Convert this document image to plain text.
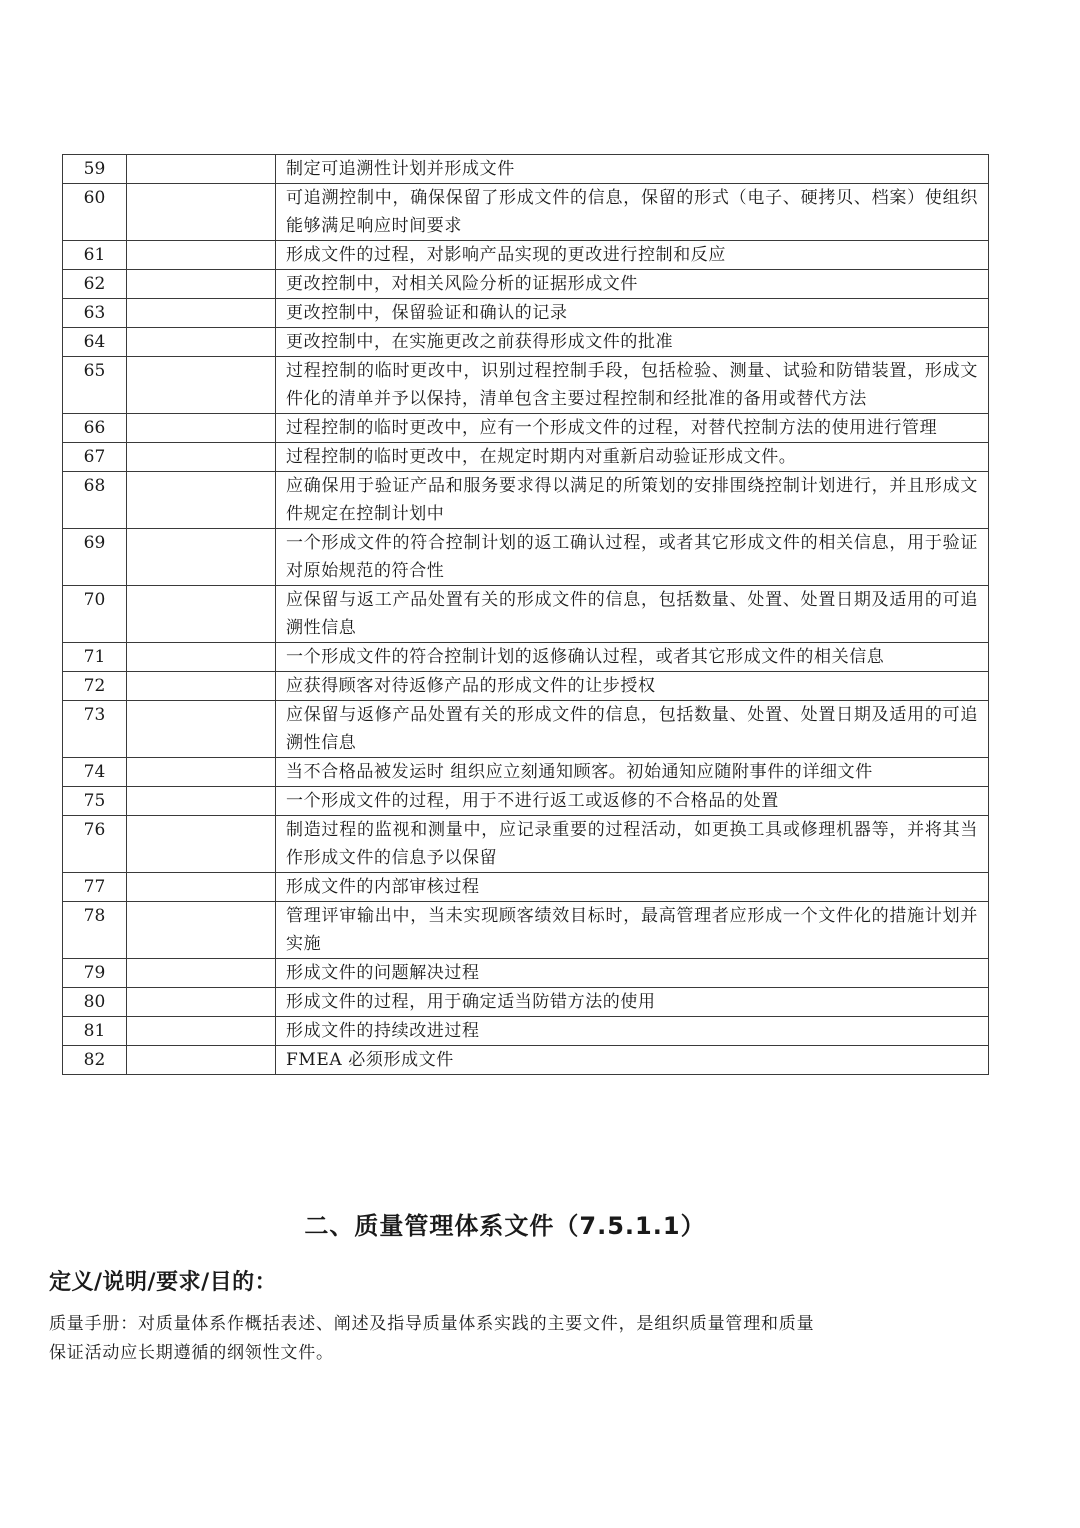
59		制定可追溯性计划并形成文件
60		可追溯控制中，确保保留了形成文件的信息，保留的形式（电子、硬拷贝、档案）使组织能够满足响应时间要求
61		形成文件的过程，对影响产品实现的更改进行控制和反应
62		更改控制中，对相关风险分析的证据形成文件
63		更改控制中，保留验证和确认的记录
64		更改控制中，在实施更改之前获得形成文件的批准
65		过程控制的临时更改中，识别过程控制手段，包括检验、测量、试验和防错装置，形成文件化的清单并予以保持，清单包含主要过程控制和经批准的备用或替代方法
66		过程控制的临时更改中，应有一个形成文件的过程，对替代控制方法的使用进行管理
67		过程控制的临时更改中，在规定时期内对重新启动验证形成文件。
68		应确保用于验证产品和服务要求得以满足的所策划的安排围绕控制计划进行，并且形成文件规定在控制计划中
69		一个形成文件的符合控制计划的返工确认过程，或者其它形成文件的相关信息，用于验证对原始规范的符合性
70		应保留与返工产品处置有关的形成文件的信息，包括数量、处置、处置日期及适用的可追溯性信息
71		一个形成文件的符合控制计划的返修确认过程，或者其它形成文件的相关信息
72		应获得顾客对待返修产品的形成文件的让步授权
73		应保留与返修产品处置有关的形成文件的信息，包括数量、处置、处置日期及适用的可追溯性信息
74		当不合格品被发运时 组织应立刻通知顾客。初始通知应随附事件的详细文件
75		一个形成文件的过程，用于不进行返工或返修的不合格品的处置
76		制造过程的监视和测量中，应记录重要的过程活动，如更换工具或修理机器等，并将其当作形成文件的信息予以保留
77		形成文件的内部审核过程
78		管理评审输出中，当未实现顾客绩效目标时，最高管理者应形成一个文件化的措施计划并实施
79		形成文件的问题解决过程
80		形成文件的过程，用于确定适当防错方法的使用
81		形成文件的持续改进过程
82		FMEA 必须形成文件
二、质量管理体系文件（7.5.1.1）
定义/说明/要求/目的：
质量手册：对质量体系作概括表述、阐述及指导质量体系实践的主要文件，是组织质量管理和质量
保证活动应长期遵循的纲领性文件。
